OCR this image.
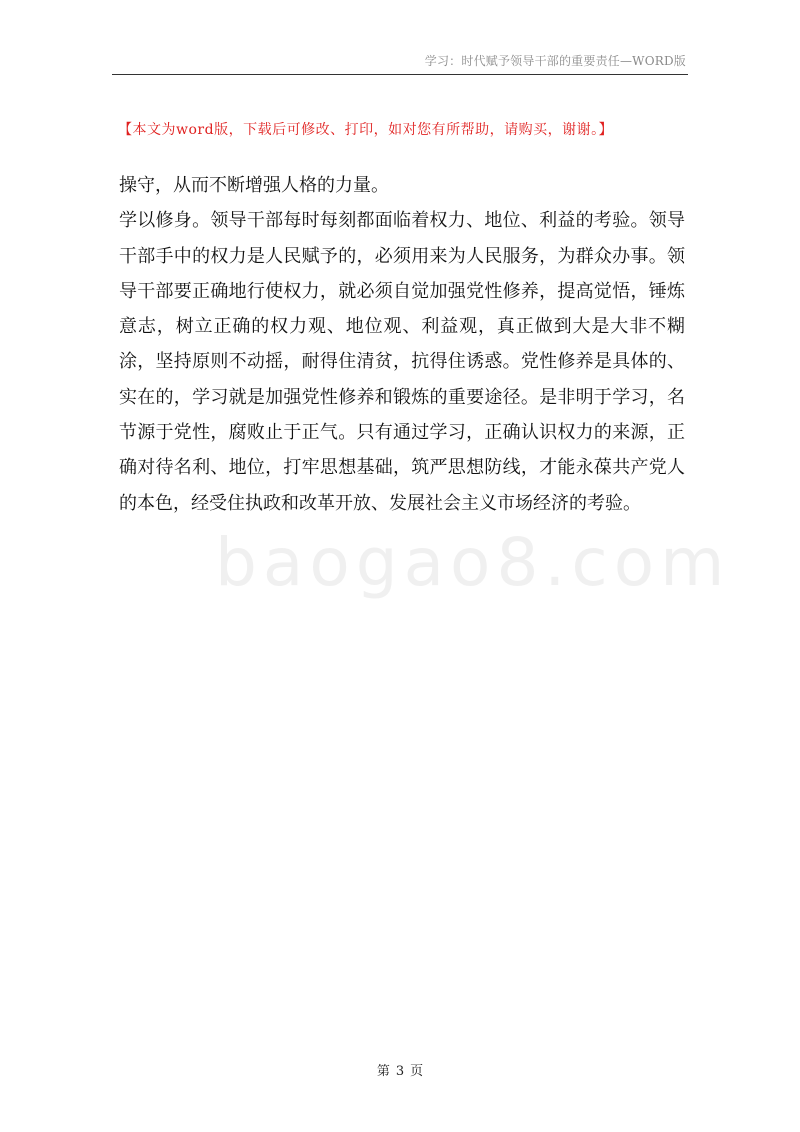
学习：时代赋予领导干部的重要责任—WORD版
【本文为word版，下载后可修改、打印，如对您有所帮助，请购买，谢谢。】

操守，从而不断增强人格的力量。

学以修身。领导干部每时每刻都面临着权力、地位、利益的考验。领导干部手中的权力是人民赋予的，必须用来为人民服务，为群众办事。领导干部要正确地行使权力，就必须自觉加强党性修养，提高觉悟，锤炼意志，树立正确的权力观、地位观、利益观，真正做到大是大非不糊涂，坚持原则不动摇，耐得住清贫，抗得住诱惑。党性修养是具体的、实在的，学习就是加强党性修养和锻炼的重要途径。是非明于学习，名节源于党性，腐败止于正气。只有通过学习，正确认识权力的来源，正确对待名利、地位，打牢思想基础，筑严思想防线，才能永葆共产党人的本色，经受住执政和改革开放、发展社会主义市场经济的考验。

baogao8.com
第 3 页
